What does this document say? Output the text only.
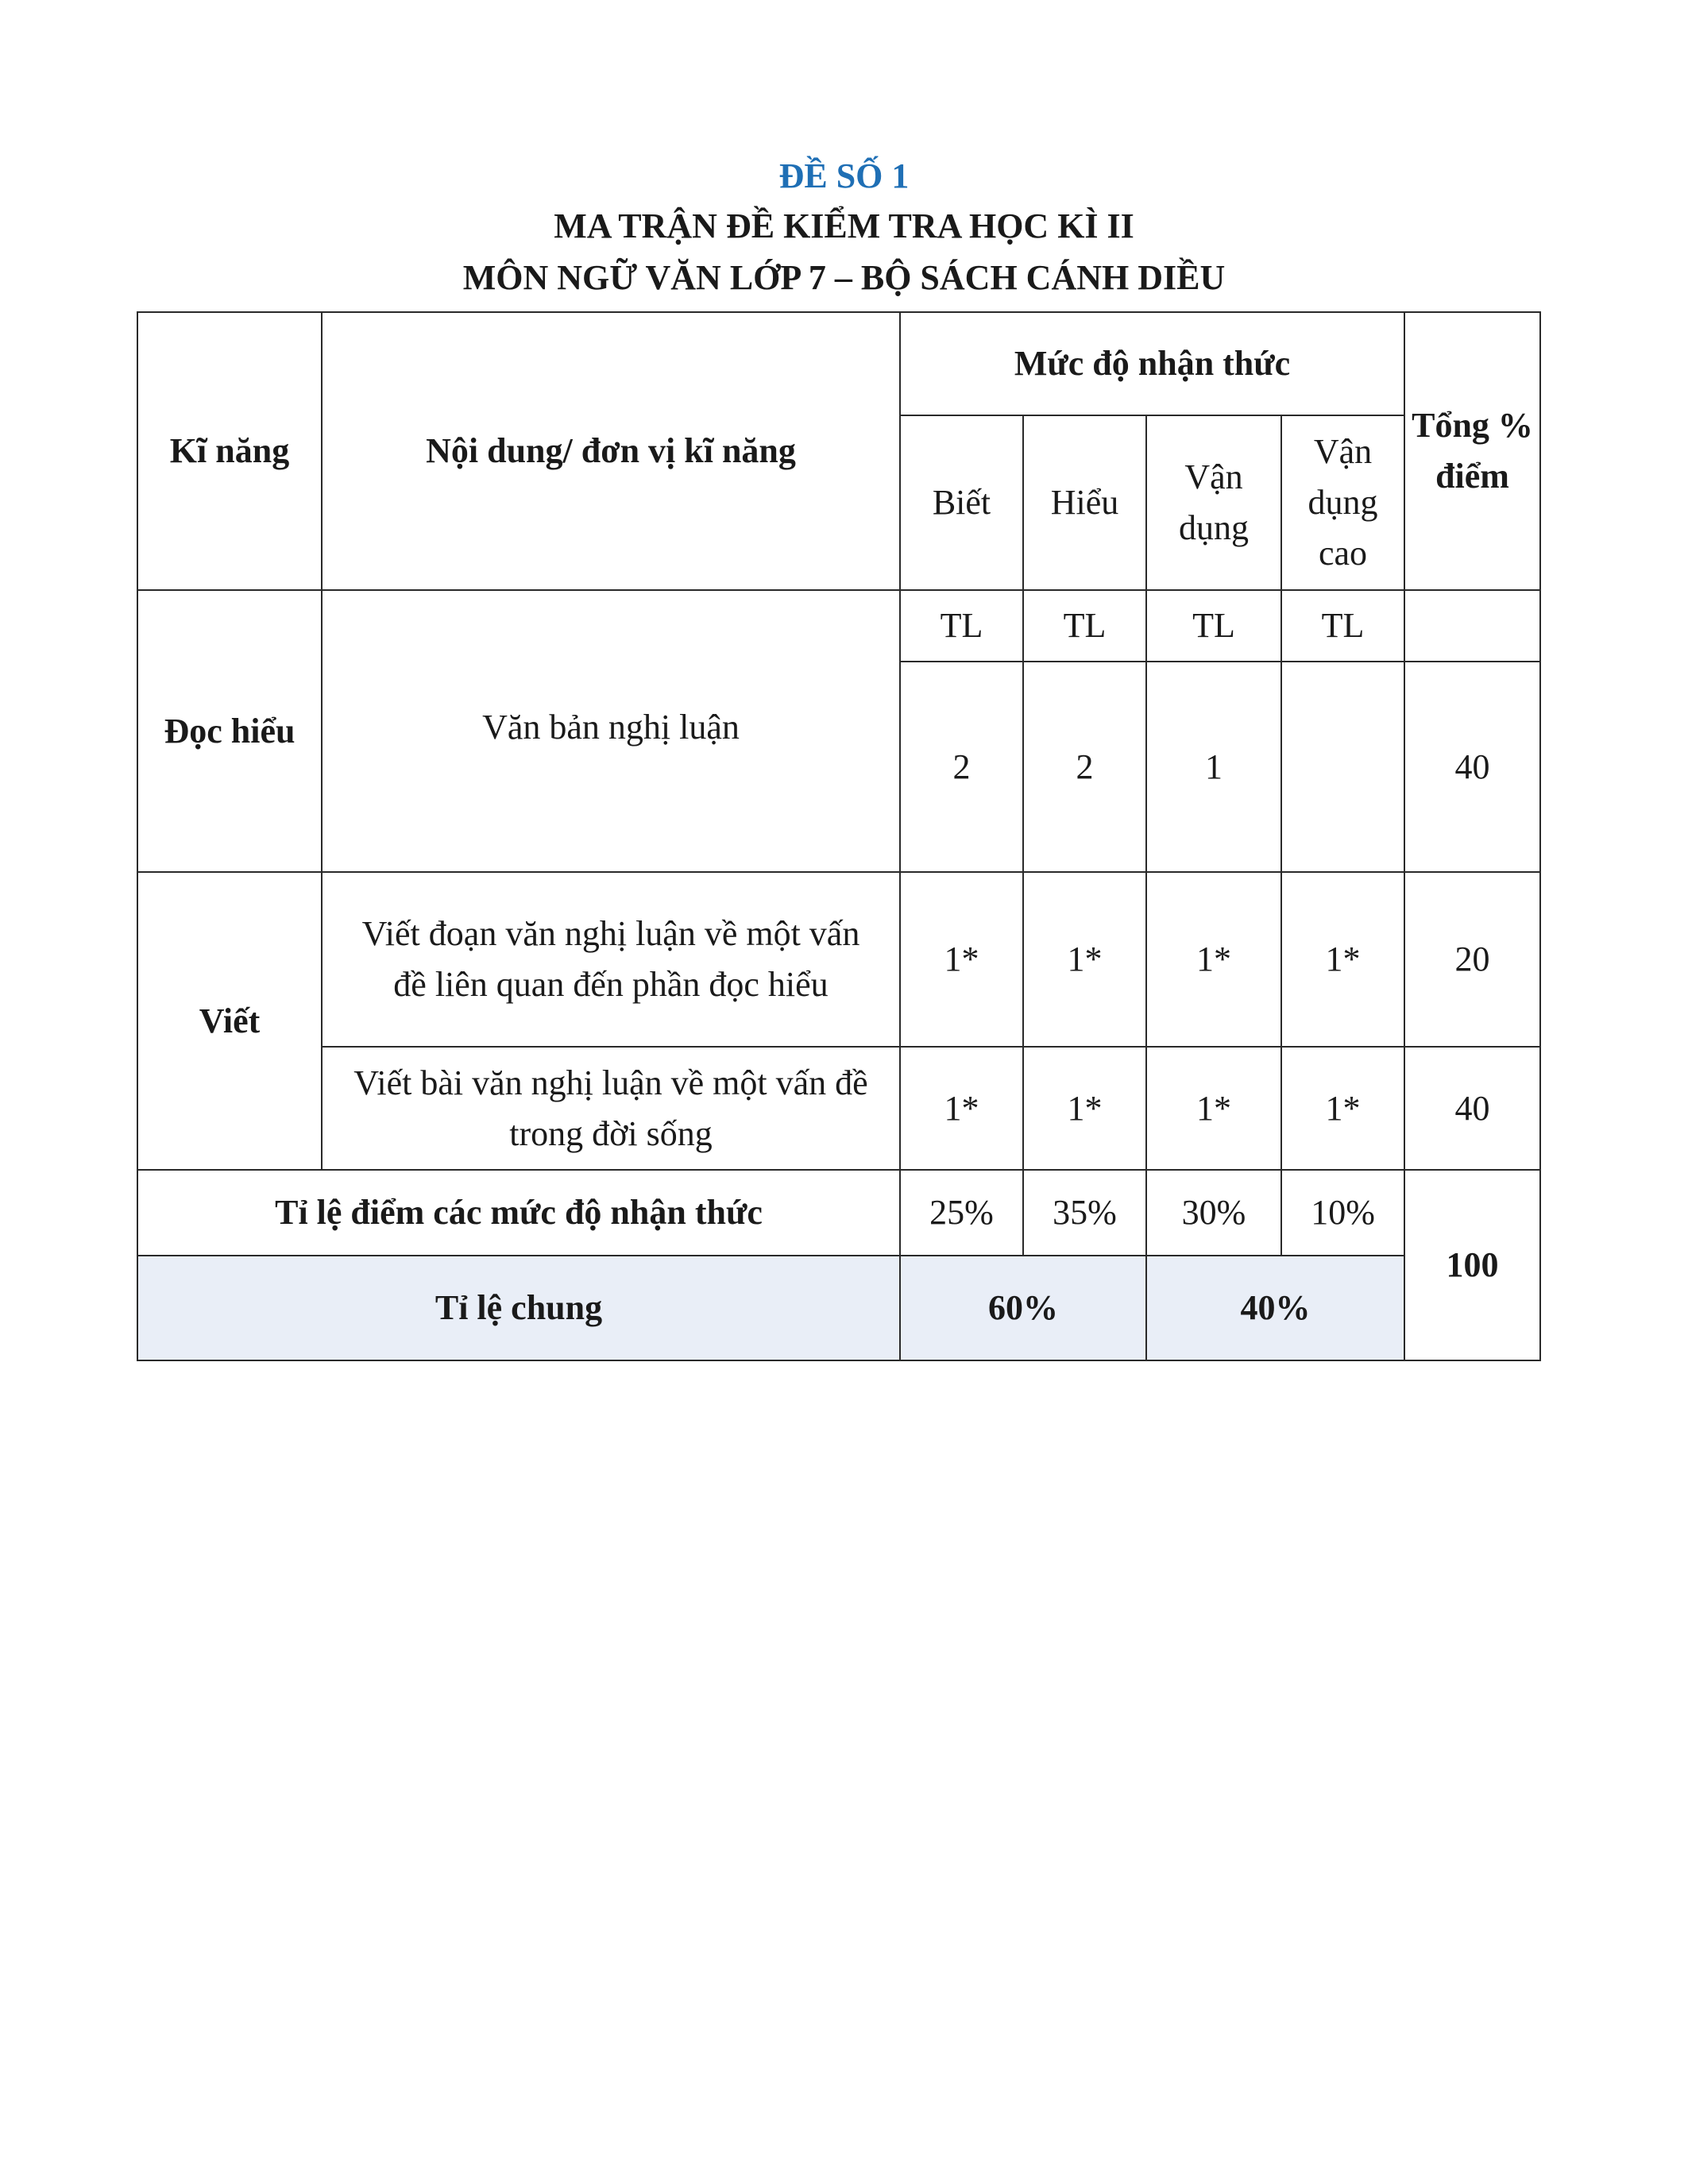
ĐỀ SỐ 1
MA TRẬN ĐỀ KIỂM TRA HỌC KÌ II
MÔN NGỮ VĂN LỚP 7 – BỘ SÁCH CÁNH DIỀU
Kĩ năng	Nội dung/ đơn vị kĩ năng	Mức độ nhận thức				Tổng % điểm
		Biết	Hiểu	Vận dụng	Vận dụng cao	
Đọc hiểu	Văn bản nghị luận	TL	TL	TL	TL	
		2	2	1		40
Viết	Viết đoạn văn nghị luận về một vấn đề liên quan đến phần đọc hiểu	1*	1*	1*	1*	20
	Viết bài văn nghị luận về một vấn đề trong đời sống	1*	1*	1*	1*	40
Tỉ lệ điểm các mức độ nhận thức		25%	35%	30%	10%	100
Tỉ lệ chung		60%		40%		
